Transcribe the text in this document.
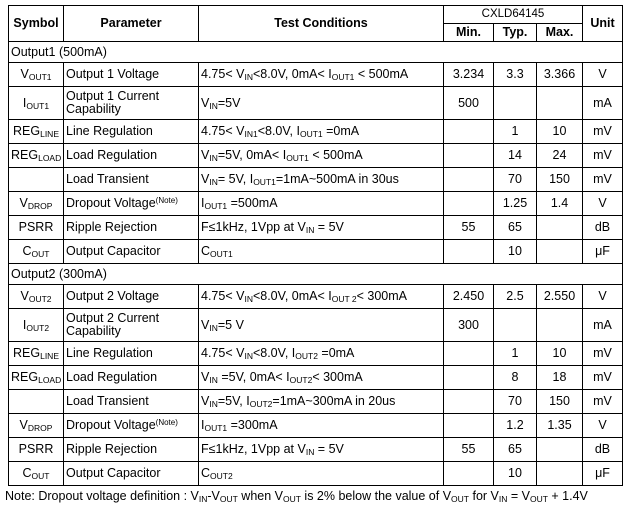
Symbol	Parameter	Test Conditions	CXLD64145			Unit
			Min.	Typ.	Max.	
Output1 (500mA)						
$V_{OUT1}$	Output 1 Voltage	$4.75< V_{IN}<8.0V$, $0mA< I_{OUT1} < 500mA$	3.234	3.3	3.366	V
$I_{OUT1}$	Output 1 Current Capability	$V_{IN}=5V$	500			mA
$REG_{LINE}$	Line Regulation	$4.75< V_{IN1}<8.0V$, $I_{OUT1} =0mA$		1	10	mV
$REG_{LOAD}$	Load Regulation	$V_{IN}=5V$, $0mA< I_{OUT1} < 500mA$		14	24	mV
	Load Transient	$V_{IN}= 5V$, $I_{OUT1}=1mA\sim 500mA$ in 30us		70	150	mV
$V_{DROP}$	Dropout Voltage$^{(Note)}$	$I_{OUT1} =500mA$		1.25	1.4	V
PSRR	Ripple Rejection	F≤1kHz, 1Vpp at $V_{IN} = 5V$	55	65		dB
$C_{OUT}$	Output Capacitor	$C_{OUT1}$		10		μF
Output2 (300mA)						
$V_{OUT2}$	Output 2 Voltage	$4.75< V_{IN}<8.0V$, $0mA< I_{OUT 2}< 300mA$	2.450	2.5	2.550	V
$I_{OUT2}$	Output 2 Current Capability	$V_{IN}=5$ V	300			mA
$REG_{LINE}$	Line Regulation	$4.75< V_{IN}<8.0V$, $I_{OUT2} =0mA$		1	10	mV
$REG_{LOAD}$	Load Regulation	$V_{IN} =5V$, $0mA< I_{OUT2}< 300mA$		8	18	mV
	Load Transient	$V_{IN}=5V$, $I_{OUT2}=1mA\sim 300mA$ in 20us		70	150	mV
$V_{DROP}$	Dropout Voltage$^{(Note)}$	$I_{OUT1} =300mA$		1.2	1.35	V
PSRR	Ripple Rejection	F≤1kHz, 1Vpp at $V_{IN} = 5V$	55	65		dB
$C_{OUT}$	Output Capacitor	$C_{OUT2}$		10		μF
Note: Dropout voltage definition : $V_{IN}-V_{OUT}$ when $V_{OUT}$ is 2% below the value of $V_{OUT}$ for $V_{IN} = V_{OUT} + 1.4V$
